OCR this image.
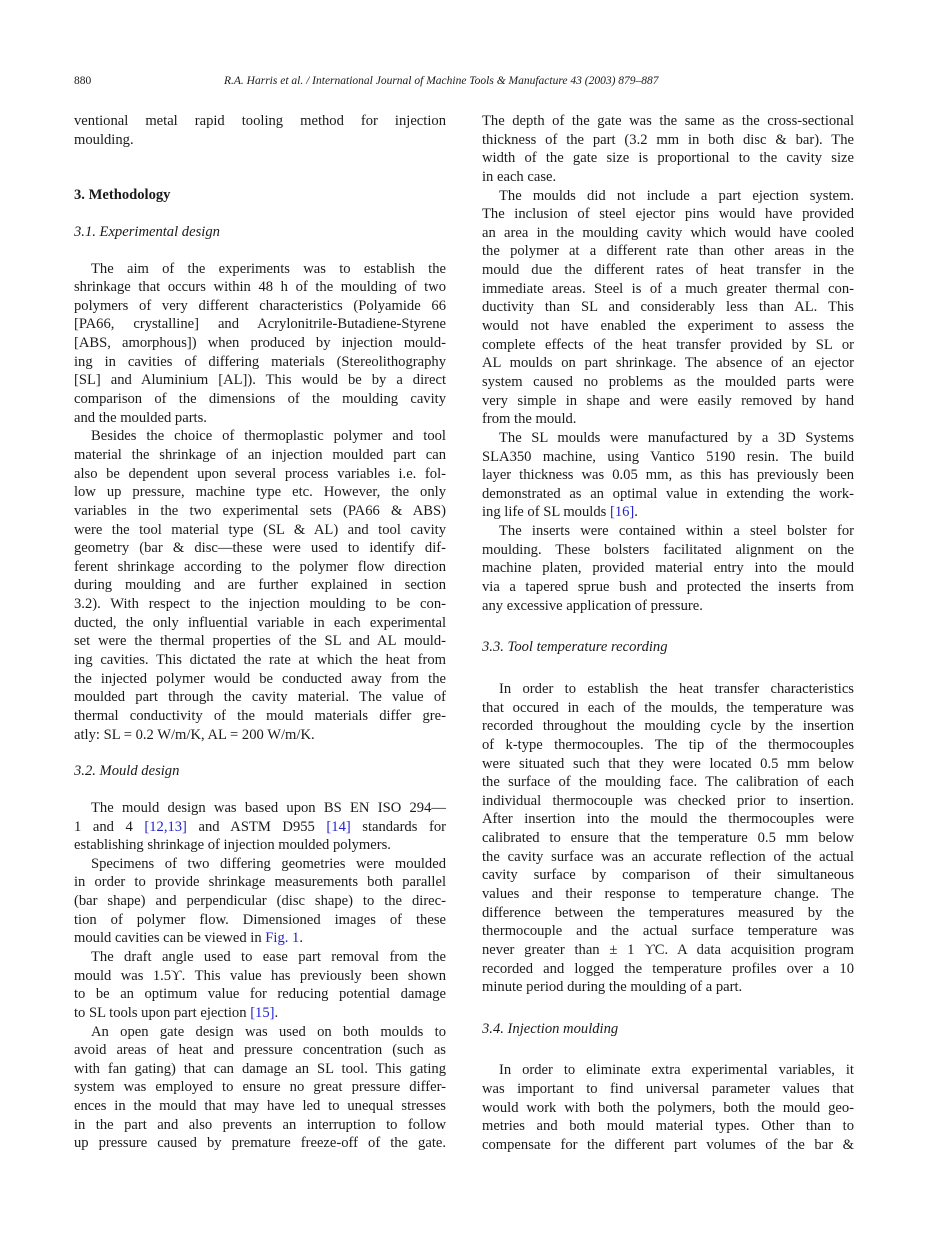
880	R.A. Harris et al. / International Journal of Machine Tools & Manufacture 43 (2003) 879–887
ventional metal rapid tooling method for injection
moulding.
3. Methodology
3.1. Experimental design
The aim of the experiments was to establish the
shrinkage that occurs within 48 h of the moulding of two
polymers of very different characteristics (Polyamide 66
[PA66, crystalline] and Acrylonitrile-Butadiene-Styrene
[ABS, amorphous]) when produced by injection mould-
ing in cavities of differing materials (Stereolithography
[SL] and Aluminium [AL]). This would be by a direct
comparison of the dimensions of the moulding cavity
and the moulded parts.
Besides the choice of thermoplastic polymer and tool
material the shrinkage of an injection moulded part can
also be dependent upon several process variables i.e. fol-
low up pressure, machine type etc. However, the only
variables in the two experimental sets (PA66 & ABS)
were the tool material type (SL & AL) and tool cavity
geometry (bar & disc—these were used to identify dif-
ferent shrinkage according to the polymer flow direction
during moulding and are further explained in section
3.2). With respect to the injection moulding to be con-
ducted, the only influential variable in each experimental
set were the thermal properties of the SL and AL mould-
ing cavities. This dictated the rate at which the heat from
the injected polymer would be conducted away from the
moulded part through the cavity material. The value of
thermal conductivity of the mould materials differ gre-
atly: SL = 0.2 W/m/K, AL = 200 W/m/K.
3.2. Mould design
The mould design was based upon BS EN ISO 294—
1 and 4 [12,13] and ASTM D955 [14] standards for
establishing shrinkage of injection moulded polymers.
Specimens of two differing geometries were moulded
in order to provide shrinkage measurements both parallel
(bar shape) and perpendicular (disc shape) to the direc-
tion of polymer flow. Dimensioned images of these
mould cavities can be viewed in Fig. 1.
The draft angle used to ease part removal from the
mould was 1.5ϒ. This value has previously been shown
to be an optimum value for reducing potential damage
to SL tools upon part ejection [15].
An open gate design was used on both moulds to
avoid areas of heat and pressure concentration (such as
with fan gating) that can damage an SL tool. This gating
system was employed to ensure no great pressure differ-
ences in the mould that may have led to unequal stresses
in the part and also prevents an interruption to follow
up pressure caused by premature freeze-off of the gate.
The depth of the gate was the same as the cross-sectional
thickness of the part (3.2 mm in both disc & bar). The
width of the gate size is proportional to the cavity size
in each case.
The moulds did not include a part ejection system.
The inclusion of steel ejector pins would have provided
an area in the moulding cavity which would have cooled
the polymer at a different rate than other areas in the
mould due the different rates of heat transfer in the
immediate areas. Steel is of a much greater thermal con-
ductivity than SL and considerably less than AL. This
would not have enabled the experiment to assess the
complete effects of the heat transfer provided by SL or
AL moulds on part shrinkage. The absence of an ejector
system caused no problems as the moulded parts were
very simple in shape and were easily removed by hand
from the mould.
The SL moulds were manufactured by a 3D Systems
SLA350 machine, using Vantico 5190 resin. The build
layer thickness was 0.05 mm, as this has previously been
demonstrated as an optimal value in extending the work-
ing life of SL moulds [16].
The inserts were contained within a steel bolster for
moulding. These bolsters facilitated alignment on the
machine platen, provided material entry into the mould
via a tapered sprue bush and protected the inserts from
any excessive application of pressure.
3.3. Tool temperature recording
In order to establish the heat transfer characteristics
that occured in each of the moulds, the temperature was
recorded throughout the moulding cycle by the insertion
of k-type thermocouples. The tip of the thermocouples
were situated such that they were located 0.5 mm below
the surface of the moulding face. The calibration of each
individual thermocouple was checked prior to insertion.
After insertion into the mould the thermocouples were
calibrated to ensure that the temperature 0.5 mm below
the cavity surface was an accurate reflection of the actual
cavity surface by comparison of their simultaneous
values and their response to temperature change. The
difference between the temperatures measured by the
thermocouple and the actual surface temperature was
never greater than ± 1 ϒC. A data acquisition program
recorded and logged the temperature profiles over a 10
minute period during the moulding of a part.
3.4. Injection moulding
In order to eliminate extra experimental variables, it
was important to find universal parameter values that
would work with both the polymers, both the mould geo-
metries and both mould material types. Other than to
compensate for the different part volumes of the bar &
